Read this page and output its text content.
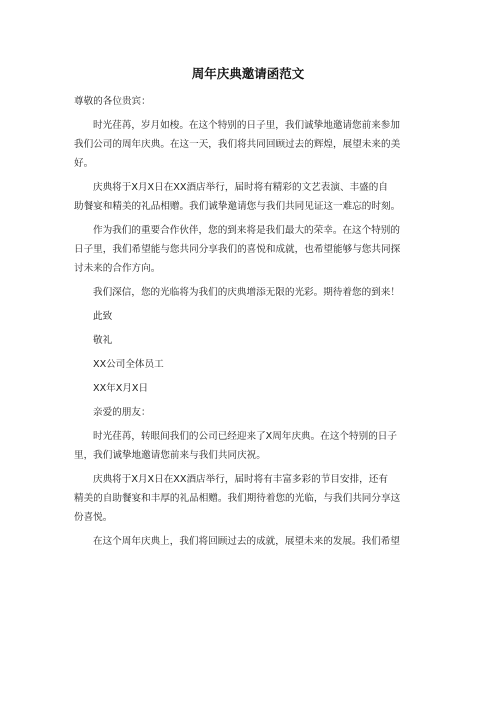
周年庆典邀请函范文

尊敬的各位贵宾：

时光荏苒，岁月如梭。在这个特别的日子里，我们诚挚地邀请您前来参加

我们公司的周年庆典。在这一天，我们将共同回顾过去的辉煌，展望未来的美

好。

庆典将于X月X日在XX酒店举行，届时将有精彩的文艺表演、丰盛的自

助餐宴和精美的礼品相赠。我们诚挚邀请您与我们共同见证这一难忘的时刻。

作为我们的重要合作伙伴，您的到来将是我们最大的荣幸。在这个特别的

日子里，我们希望能与您共同分享我们的喜悦和成就，也希望能够与您共同探

讨未来的合作方向。

我们深信，您的光临将为我们的庆典增添无限的光彩。期待着您的到来！

此致

敬礼

XX公司全体员工

XX年X月X日

亲爱的朋友：

时光荏苒，转眼间我们的公司已经迎来了X周年庆典。在这个特别的日子

里，我们诚挚地邀请您前来与我们共同庆祝。

庆典将于X月X日在XX酒店举行，届时将有丰富多彩的节目安排，还有

精美的自助餐宴和丰厚的礼品相赠。我们期待着您的光临，与我们共同分享这

份喜悦。

在这个周年庆典上，我们将回顾过去的成就，展望未来的发展。我们希望
